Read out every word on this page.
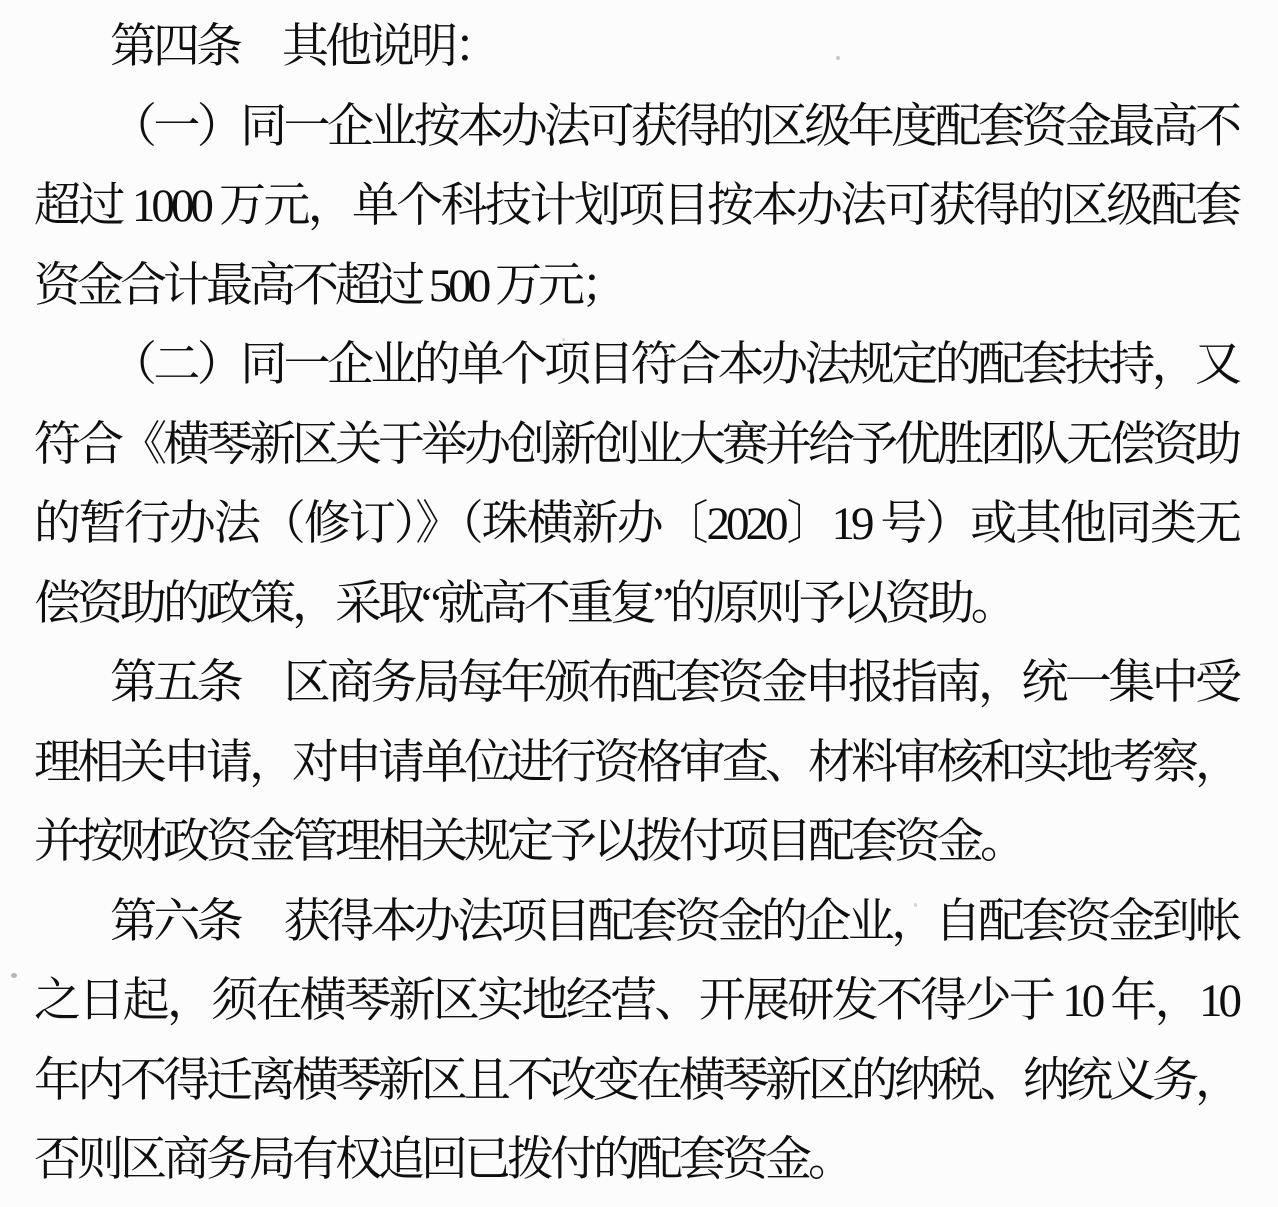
第四条　其他说明：

（一）同一企业按本办法可获得的区级年度配套资金最高不

超过 1000 万元，单个科技计划项目按本办法可获得的区级配套

资金合计最高不超过 500 万元；

（二）同一企业的单个项目符合本办法规定的配套扶持，又

符合《横琴新区关于举办创新创业大赛并给予优胜团队无偿资助

的暂行办法（修订）》（珠横新办〔2020〕19 号）或其他同类无

偿资助的政策，采取“就高不重复”的原则予以资助。

第五条　区商务局每年颁布配套资金申报指南，统一集中受

理相关申请，对申请单位进行资格审查、材料审核和实地考察，

并按财政资金管理相关规定予以拨付项目配套资金。

第六条　获得本办法项目配套资金的企业，自配套资金到帐

之日起，须在横琴新区实地经营、开展研发不得少于 10 年，10

年内不得迁离横琴新区且不改变在横琴新区的纳税、纳统义务，

否则区商务局有权追回已拨付的配套资金。
